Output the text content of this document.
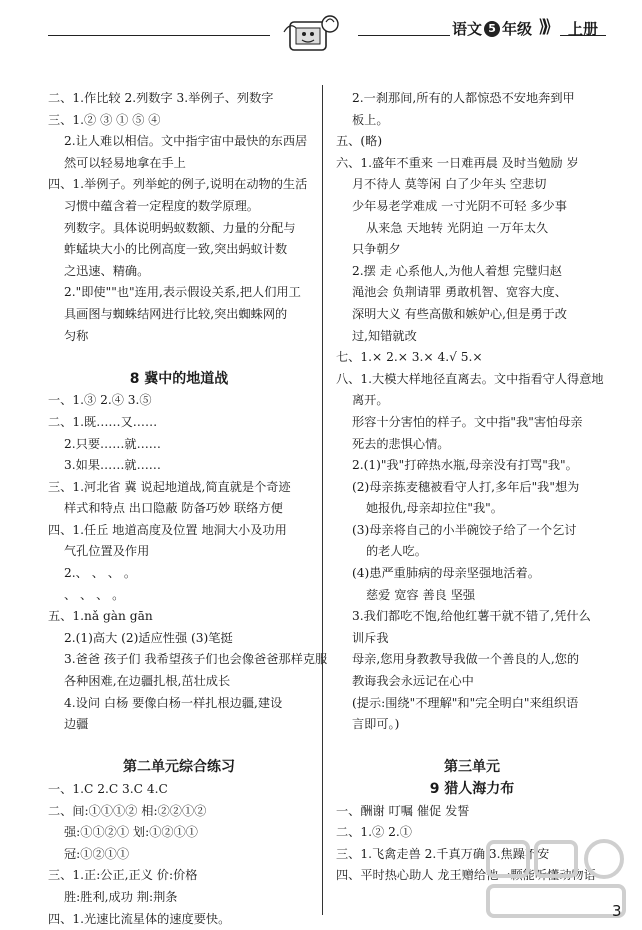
语文 5 年级 ⟫⟫ 上册
二、1.作比较 2.列数字 3.举例子、列数字
三、1.② ③ ① ⑤ ④
2.让人难以相信。文中指宇宙中最快的东西居
然可以轻易地拿在手上
四、1.举例子。列举蛇的例子,说明在动物的生活
习惯中蕴含着一定程度的数学原理。
列数字。具体说明蚂蚁数额、力量的分配与
蚱蜢块大小的比例高度一致,突出蚂蚁计数
之迅速、精确。
2."即使""也"连用,表示假设关系,把人们用工
具画图与蜘蛛结网进行比较,突出蜘蛛网的
匀称

8 冀中的地道战
一、1.③ 2.④ 3.⑤
二、1.既……又……
2.只要……就……
3.如果……就……
三、1.河北省 冀 说起地道战,简直就是个奇迹
样式和特点 出口隐蔽 防备巧妙 联络方便
四、1.任丘 地道高度及位置 地洞大小及功用
气孔位置及作用
2.、 、 、 。
、 、 、 。
五、1.nǎ gàn gān
2.(1)高大 (2)适应性强 (3)笔挺
3.爸爸 孩子们 我希望孩子们也会像爸爸那样克服
各种困难,在边疆扎根,茁壮成长
4.设问 白杨 要像白杨一样扎根边疆,建设
边疆

第二单元综合练习
一、1.C 2.C 3.C 4.C
二、间:①①①② 相:②②①②
强:①①②① 划:①②①①
冠:①②①①
三、1.正:公正,正义 价:价格
胜:胜利,成功 荆:荆条
四、1.光速比流星体的速度要快。
2.一刹那间,所有的人都惊恐不安地奔到甲
板上。
五、(略)
六、1.盛年不重来 一日难再晨 及时当勉励 岁
月不待人 莫等闲 白了少年头 空悲切
少年易老学难成 一寸光阴不可轻 多少事
从来急 天地转 光阴迫 一万年太久
只争朝夕
2.摆 走 心系他人,为他人着想 完璧归赵
渑池会 负荆请罪 勇敢机智、宽容大度、
深明大义 有些高傲和嫉妒心,但是勇于改
过,知错就改
七、1.× 2.× 3.× 4.√ 5.×
八、1.大模大样地径直离去。文中指看守人得意地
离开。
形容十分害怕的样子。文中指"我"害怕母亲
死去的悲惧心情。
2.(1)"我"打碎热水瓶,母亲没有打骂"我"。
(2)母亲拣麦穗被看守人打,多年后"我"想为
她报仇,母亲却拉住"我"。
(3)母亲将自己的小半碗饺子给了一个乞讨
的老人吃。
(4)患严重肺病的母亲坚强地活着。
慈爱 宽容 善良 坚强
3.我们都吃不饱,给他红薯干就不错了,凭什么
训斥我
母亲,您用身教教导我做一个善良的人,您的
教诲我会永远记在心中
(提示:围绕"不理解"和"完全明白"来组织语
言即可。)

第三单元
9 猎人海力布
一、酬谢 叮嘱 催促 发誓
二、1.② 2.①
三、1.飞禽走兽 2.千真万确 3.焦躁不安
四、平时热心助人 龙王赠给他一颗能听懂动物语
3
